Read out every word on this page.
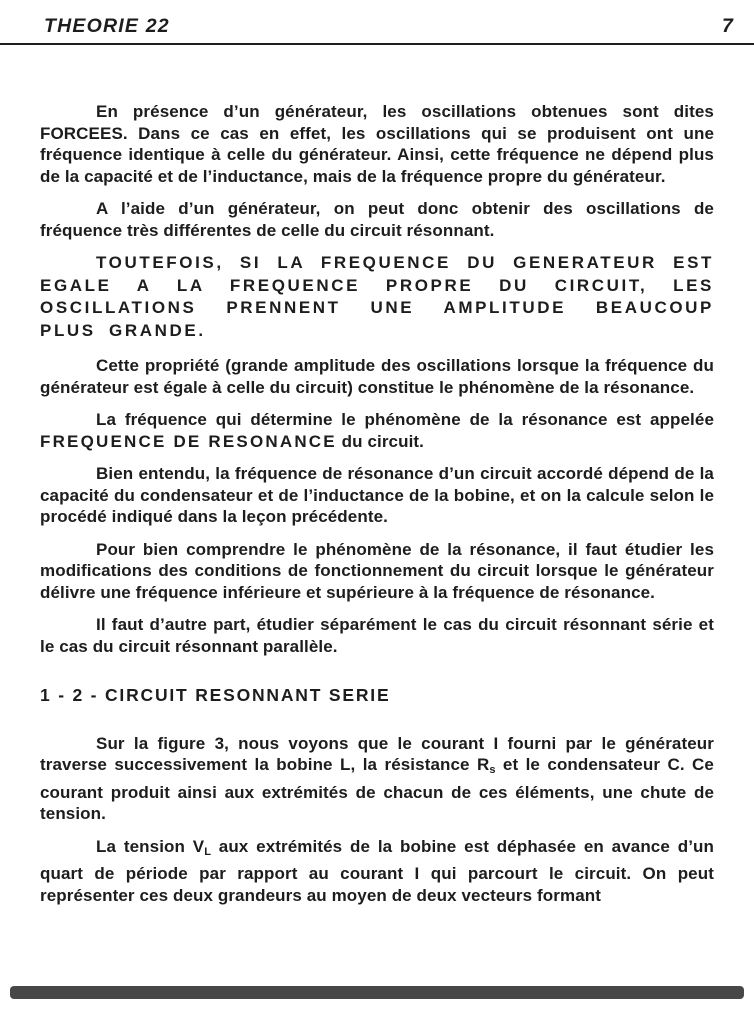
THEORIE 22	7

En présence d’un générateur, les oscillations obtenues sont dites FORCEES. Dans ce cas en effet, les oscillations qui se produisent ont une fréquence identique à celle du générateur. Ainsi, cette fréquence ne dépend plus de la capacité et de l’inductance, mais de la fréquence propre du générateur.

A l’aide d’un générateur, on peut donc obtenir des oscillations de fréquence très différentes de celle du circuit résonnant.

TOUTEFOIS, SI LA FREQUENCE DU GENERATEUR EST EGALE A LA FREQUENCE PROPRE DU CIRCUIT, LES OSCILLATIONS PRENNENT UNE AMPLITUDE BEAUCOUP PLUS GRANDE.

Cette propriété (grande amplitude des oscillations lorsque la fréquence du générateur est égale à celle du circuit) constitue le phénomène de la résonance.

La fréquence qui détermine le phénomène de la résonance est appelée FREQUENCE DE RESONANCE du circuit.

Bien entendu, la fréquence de résonance d’un circuit accordé dépend de la capacité du condensateur et de l’inductance de la bobine, et on la calcule selon le procédé indiqué dans la leçon précédente.

Pour bien comprendre le phénomène de la résonance, il faut étudier les modifications des conditions de fonctionnement du circuit lorsque le générateur délivre une fréquence inférieure et supérieure à la fréquence de résonance.

Il faut d’autre part, étudier séparément le cas du circuit résonnant série et le cas du circuit résonnant parallèle.

1 - 2 - CIRCUIT RESONNANT SERIE

Sur la figure 3, nous voyons que le courant I fourni par le générateur traverse successivement la bobine L, la résistance $R_s$ et le condensateur C. Ce courant produit ainsi aux extrémités de chacun de ces éléments, une chute de tension.

La tension $V_L$ aux extrémités de la bobine est déphasée en avance d’un quart de période par rapport au courant I qui parcourt le circuit. On peut représenter ces deux grandeurs au moyen de deux vecteurs formant
